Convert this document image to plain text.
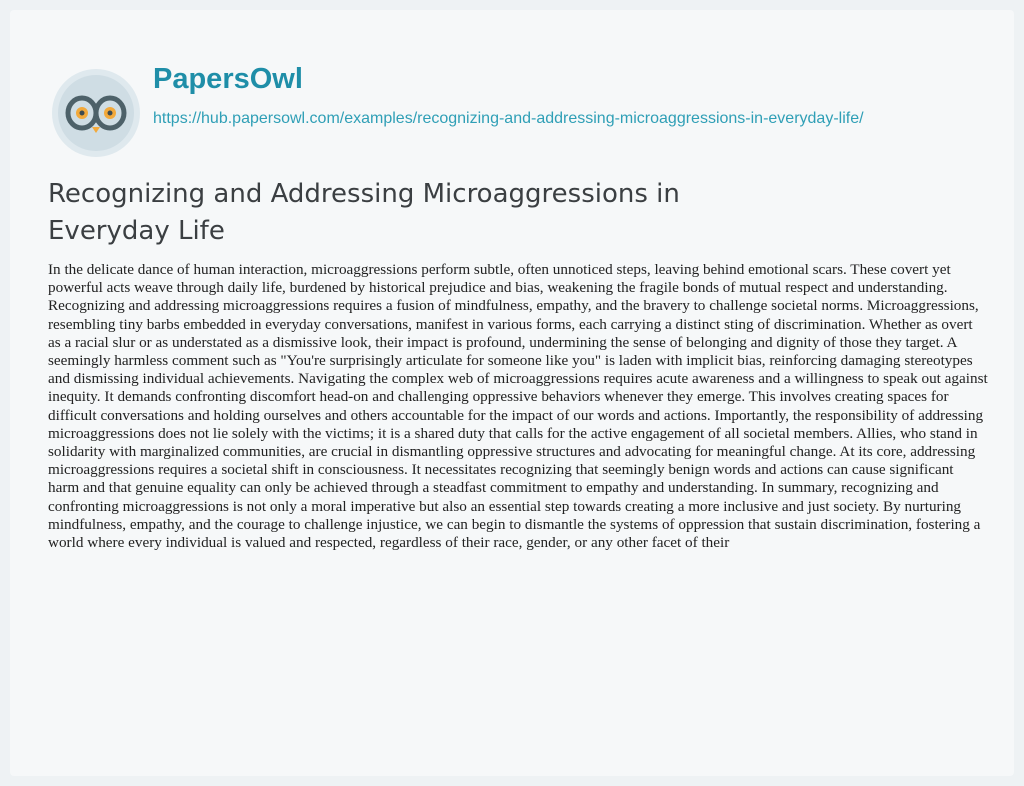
PapersOwl
https://hub.papersowl.com/examples/recognizing-and-addressing-microaggressions-in-everyday-life/
Recognizing and Addressing Microaggressions in Everyday Life

In the delicate dance of human interaction, microaggressions perform subtle, often unnoticed steps, leaving behind emotional scars. These covert yet powerful acts weave through daily life, burdened by historical prejudice and bias, weakening the fragile bonds of mutual respect and understanding. Recognizing and addressing microaggressions requires a fusion of mindfulness, empathy, and the bravery to challenge societal norms. Microaggressions, resembling tiny barbs embedded in everyday conversations, manifest in various forms, each carrying a distinct sting of discrimination. Whether as overt as a racial slur or as understated as a dismissive look, their impact is profound, undermining the sense of belonging and dignity of those they target. A seemingly harmless comment such as "You're surprisingly articulate for someone like you" is laden with implicit bias, reinforcing damaging stereotypes and dismissing individual achievements. Navigating the complex web of microaggressions requires acute awareness and a willingness to speak out against inequity. It demands confronting discomfort head-on and challenging oppressive behaviors whenever they emerge. This involves creating spaces for difficult conversations and holding ourselves and others accountable for the impact of our words and actions. Importantly, the responsibility of addressing microaggressions does not lie solely with the victims; it is a shared duty that calls for the active engagement of all societal members. Allies, who stand in solidarity with marginalized communities, are crucial in dismantling oppressive structures and advocating for meaningful change. At its core, addressing microaggressions requires a societal shift in consciousness. It necessitates recognizing that seemingly benign words and actions can cause significant harm and that genuine equality can only be achieved through a steadfast commitment to empathy and understanding. In summary, recognizing and confronting microaggressions is not only a moral imperative but also an essential step towards creating a more inclusive and just society. By nurturing mindfulness, empathy, and the courage to challenge injustice, we can begin to dismantle the systems of oppression that sustain discrimination, fostering a world where every individual is valued and respected, regardless of their race, gender, or any other facet of their
